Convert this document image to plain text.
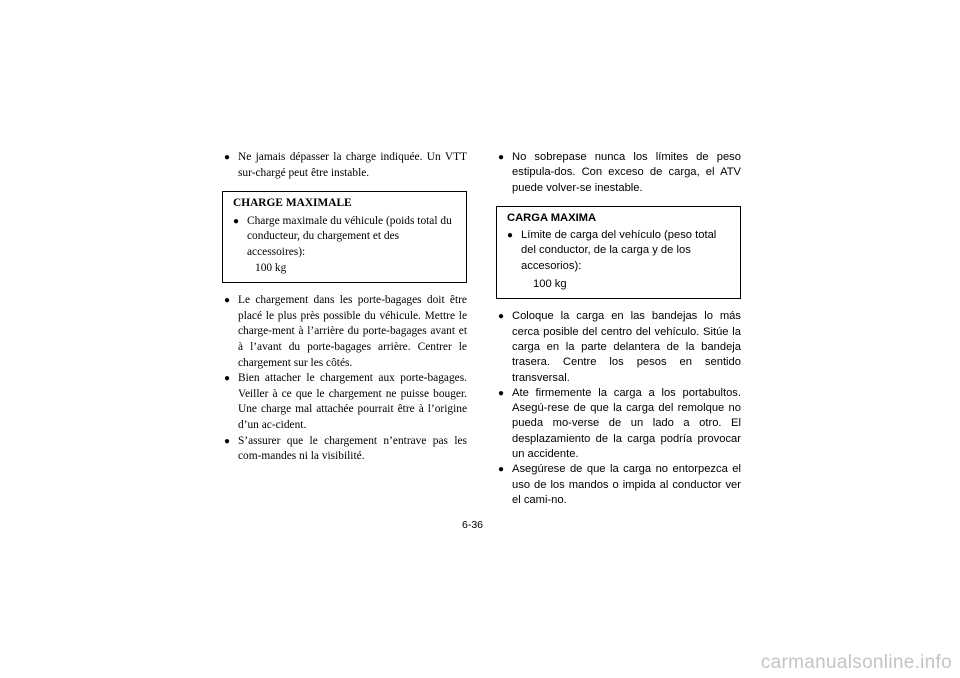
● Ne jamais dépasser la charge indiquée. Un VTT sur-chargé peut être instable.
CHARGE MAXIMALE
● Charge maximale du véhicule (poids total du conducteur, du chargement et des accessoires):
100 kg
● Le chargement dans les porte-bagages doit être placé le plus près possible du véhicule. Mettre le charge-ment à l’arrière du porte-bagages avant et à l’avant du porte-bagages arrière. Centrer le chargement sur les côtés.
● Bien attacher le chargement aux porte-bagages. Veiller à ce que le chargement ne puisse bouger. Une charge mal attachée pourrait être à l’origine d’un ac-cident.
● S’assurer que le chargement n’entrave pas les com-mandes ni la visibilité.
● No sobrepase nunca los límites de peso estipula-dos. Con exceso de carga, el ATV puede volver-se inestable.
CARGA MAXIMA
● Límite de carga del vehículo (peso total del conductor, de la carga y de los accesorios):
100 kg
● Coloque la carga en las bandejas lo más cerca posible del centro del vehículo. Sitúe la carga en la parte delantera de la bandeja trasera. Centre los pesos en sentido transversal.
● Ate firmemente la carga a los portabultos. Asegú-rese de que la carga del remolque no pueda mo-verse de un lado a otro. El desplazamiento de la carga podría provocar un accidente.
● Asegúrese de que la carga no entorpezca el uso de los mandos o impida al conductor ver el cami-no.
6-36
carmanualsonline.info
